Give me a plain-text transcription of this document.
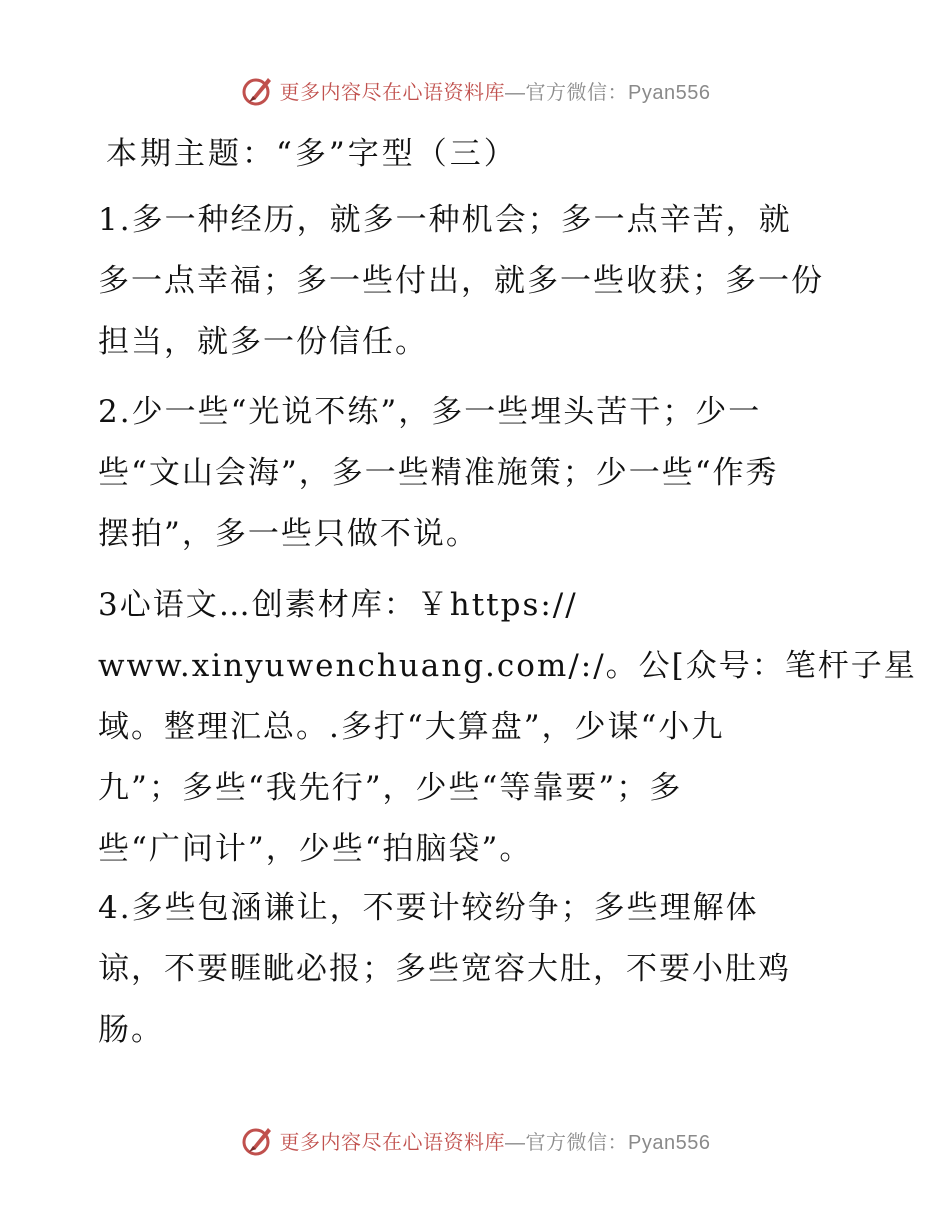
更多内容尽在心语资料库—官方微信：Pyan556
本期主题：“多”字型（三）
1.多一种经历，就多一种机会；多一点辛苦，就
多一点幸福；多一些付出，就多一些收获；多一份
担当，就多一份信任。
2.少一些“光说不练”，多一些埋头苦干；少一
些“文山会海”，多一些精准施策；少一些“作秀
摆拍”，多一些只做不说。
3心语文…创素材库：￥https://
www.xinyuwenchuang.com/:/。公[众号：笔杆子星
域。整理汇总。.多打“大算盘”，少谋“小九
九”；多些“我先行”，少些“等靠要”；多
些“广问计”，少些“拍脑袋”。
4.多些包涵谦让，不要计较纷争；多些理解体
谅，不要睚眦必报；多些宽容大肚，不要小肚鸡
肠。
更多内容尽在心语资料库—官方微信：Pyan556
